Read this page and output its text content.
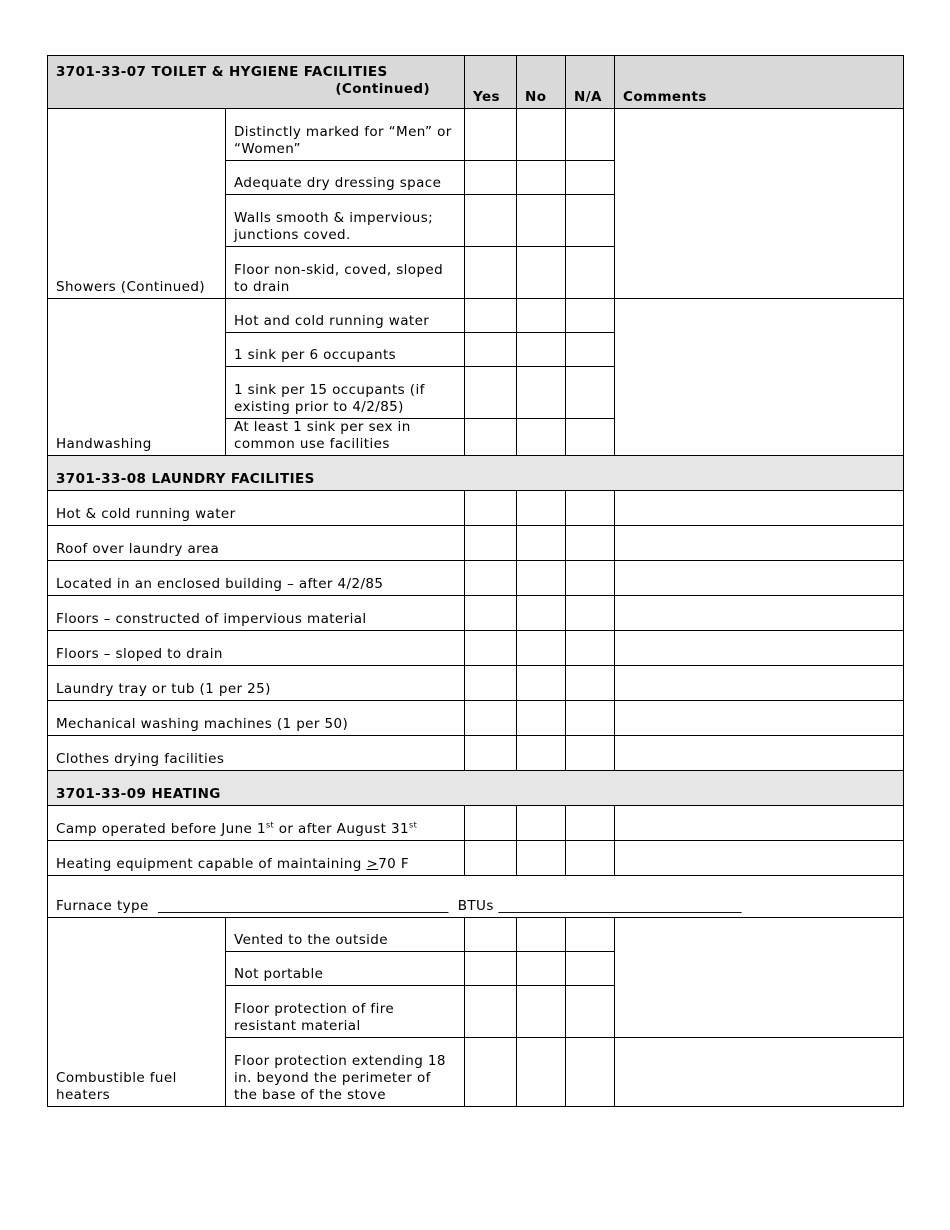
3701-33-07 TOILET & HYGIENE FACILITIES
(Continued)		Yes	No	N/A	Comments
Showers (Continued)	Distinctly marked for “Men” or “Women”				
	Adequate dry dressing space				
	Walls smooth & impervious; junctions coved.				
	Floor non-skid, coved, sloped to drain				
Handwashing	Hot and cold running water				
	1 sink per 6 occupants				
	1 sink per 15 occupants (if existing prior to 4/2/85)				
	At least 1 sink per sex in common use facilities				
3701-33-08 LAUNDRY FACILITIES					
Hot & cold running water					
Roof over laundry area					
Located in an enclosed building – after 4/2/85					
Floors – constructed of impervious material					
Floors – sloped to drain					
Laundry tray or tub (1 per 25)					
Mechanical washing machines (1 per 50)					
Clothes drying facilities					
3701-33-09 HEATING					
Camp operated before June 1st or after August 31st				
Heating equipment capable of maintaining ≥70 F					
Furnace type ___________________________________________ BTUs ____________________________________					
Combustible fuel heaters	Vented to the outside				
	Not portable				
	Floor protection of fire resistant material				
	Floor protection extending 18 in. beyond the perimeter of the base of the stove				
